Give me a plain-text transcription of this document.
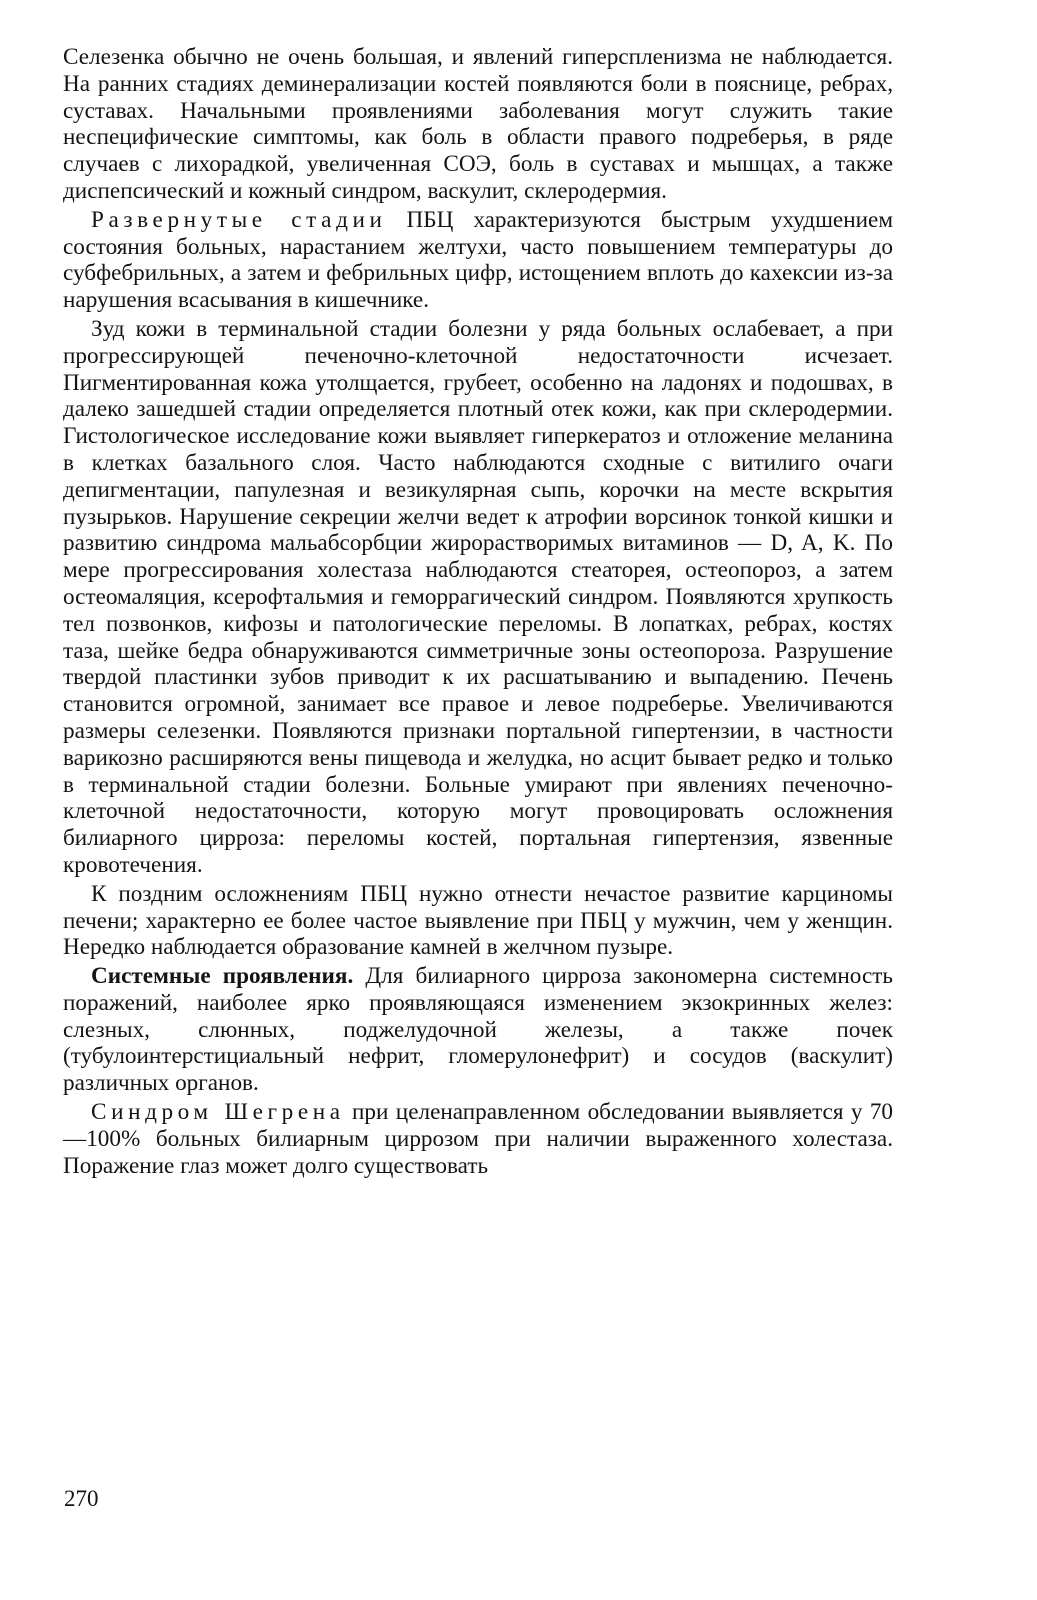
Селезенка обычно не очень большая, и явлений гиперспленизма не наблюдается. На ранних стадиях деминерализации костей появляются боли в пояснице, ребрах, суставах. Начальными проявлениями заболевания могут служить такие неспецифические симптомы, как боль в области правого подреберья, в ряде случаев с лихорадкой, увеличенная СОЭ, боль в суставах и мышцах, а также диспепсический и кожный синдром, васкулит, склеродермия.

Развернутые стадии ПБЦ характеризуются быстрым ухудшением состояния больных, нарастанием желтухи, часто повышением температуры до субфебрильных, а затем и фебрильных цифр, истощением вплоть до кахексии из-за нарушения всасывания в кишечнике.

Зуд кожи в терминальной стадии болезни у ряда больных ослабевает, а при прогрессирующей печеночно-клеточной недостаточности исчезает. Пигментированная кожа утолщается, грубеет, особенно на ладонях и подошвах, в далеко зашедшей стадии определяется плотный отек кожи, как при склеродермии. Гистологическое исследование кожи выявляет гиперкератоз и отложение меланина в клетках базального слоя. Часто наблюдаются сходные с витилиго очаги депигментации, папулезная и везикулярная сыпь, корочки на месте вскрытия пузырьков. Нарушение секреции желчи ведет к атрофии ворсинок тонкой кишки и развитию синдрома мальабсорбции жирорастворимых витаминов — D, A, K. По мере прогрессирования холестаза наблюдаются стеаторея, остеопороз, а затем остеомаляция, ксерофтальмия и геморрагический синдром. Появляются хрупкость тел позвонков, кифозы и патологические переломы. В лопатках, ребрах, костях таза, шейке бедра обнаруживаются симметричные зоны остеопороза. Разрушение твердой пластинки зубов приводит к их расшатыванию и выпадению. Печень становится огромной, занимает все правое и левое подреберье. Увеличиваются размеры селезенки. Появляются признаки портальной гипертензии, в частности варикозно расширяются вены пищевода и желудка, но асцит бывает редко и только в терминальной стадии болезни. Больные умирают при явлениях печеночно-клеточной недостаточности, которую могут провоцировать осложнения билиарного цирроза: переломы костей, портальная гипертензия, язвенные кровотечения.

К поздним осложнениям ПБЦ нужно отнести нечастое развитие карциномы печени; характерно ее более частое выявление при ПБЦ у мужчин, чем у женщин. Нередко наблюдается образование камней в желчном пузыре.

Системные проявления. Для билиарного цирроза закономерна системность поражений, наиболее ярко проявляющаяся изменением экзокринных желез: слезных, слюнных, поджелудочной железы, а также почек (тубулоинтерстициальный нефрит, гломерулонефрит) и сосудов (васкулит) различных органов.

Синдром Шегрена при целенаправленном обследовании выявляется у 70—100% больных билиарным циррозом при наличии выраженного холестаза. Поражение глаз может долго существовать

270
